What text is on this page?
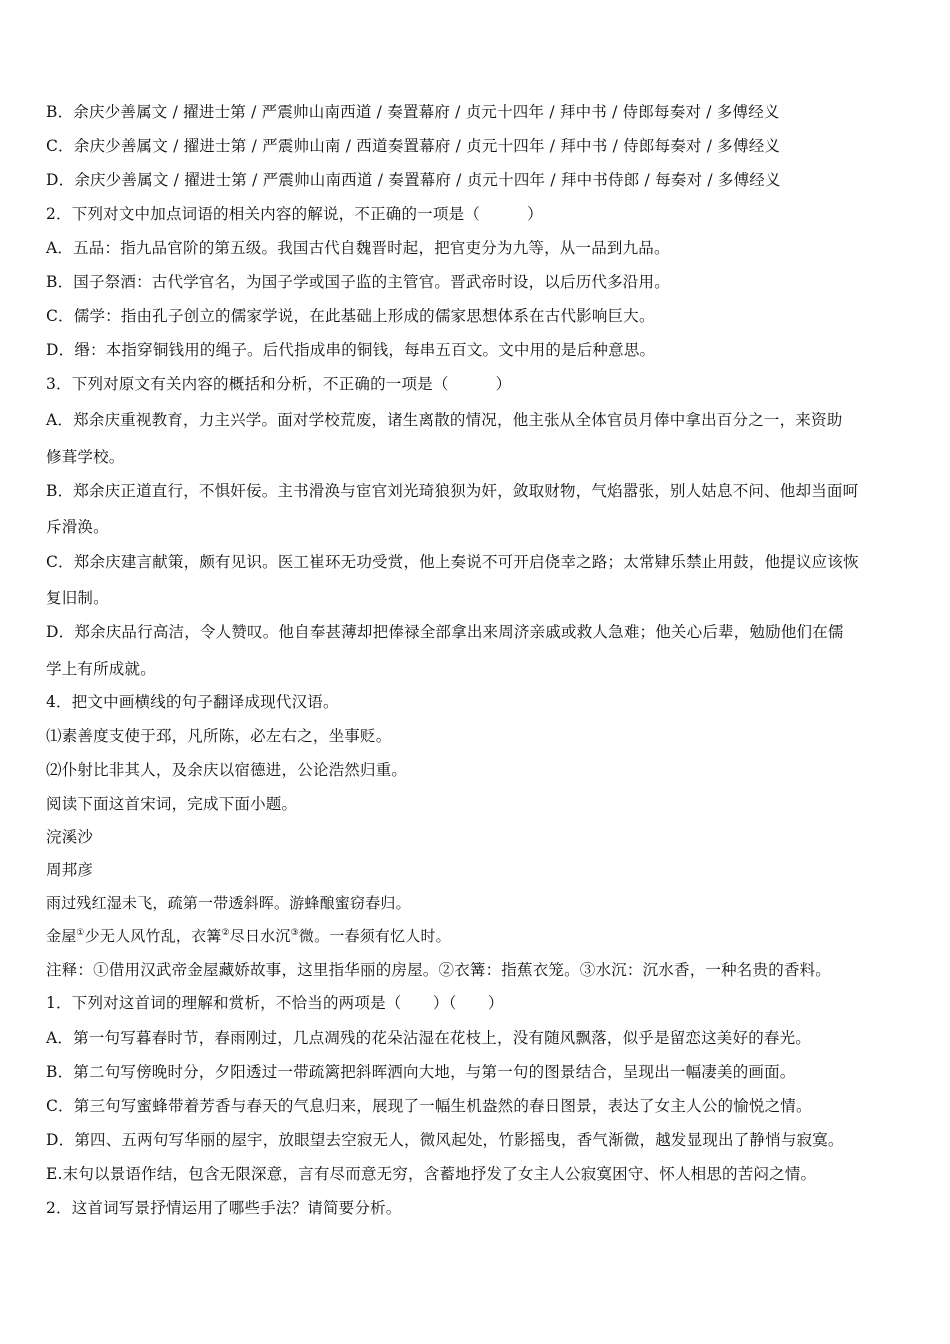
B．余庆少善属文 / 擢进士第 / 严震帅山南西道 / 奏置幕府 / 贞元十四年 / 拜中书 / 侍郎每奏对 / 多傅经义
C．余庆少善属文 / 擢进士第 / 严震帅山南 / 西道奏置幕府 / 贞元十四年 / 拜中书 / 侍郎每奏对 / 多傅经义
D．余庆少善属文 / 擢进士第 / 严震帅山南西道 / 奏置幕府 / 贞元十四年 / 拜中书侍郎 / 每奏对 / 多傅经义
2．下列对文中加点词语的相关内容的解说，不正确的一项是（　　　）
A．五品：指九品官阶的第五级。我国古代自魏晋时起，把官吏分为九等，从一品到九品。
B．国子祭酒：古代学官名，为国子学或国子监的主管官。晋武帝时设，以后历代多沿用。
C．儒学：指由孔子创立的儒家学说，在此基础上形成的儒家思想体系在古代影响巨大。
D．缗：本指穿铜钱用的绳子。后代指成串的铜钱，每串五百文。文中用的是后种意思。
3．下列对原文有关内容的概括和分析，不正确的一项是（　　　）
A．郑余庆重视教育，力主兴学。面对学校荒废，诸生离散的情况，他主张从全体官员月俸中拿出百分之一，来资助
修葺学校。
B．郑余庆正道直行，不惧奸佞。主书滑涣与宦官刘光琦狼狈为奸，敛取财物，气焰嚣张，别人姑息不问、他却当面呵
斥滑涣。
C．郑余庆建言献策，颇有见识。医工崔环无功受赏，他上奏说不可开启侥幸之路；太常肄乐禁止用鼓，他提议应该恢
复旧制。
D．郑余庆品行高洁，令人赞叹。他自奉甚薄却把俸禄全部拿出来周济亲戚或救人急难；他关心后辈，勉励他们在儒
学上有所成就。
4．把文中画横线的句子翻译成现代汉语。
⑴素善度支使于邳，凡所陈，必左右之，坐事贬。
⑵仆射比非其人，及余庆以宿德进，公论浩然归重。
阅读下面这首宋词，完成下面小题。
浣溪沙
周邦彦
雨过残红湿未飞，疏第一带透斜晖。游蜂酿蜜窃春归。
金屋①少无人风竹乱，衣篝②尽日水沉③微。一春须有忆人时。
注释：①借用汉武帝金屋藏娇故事，这里指华丽的房屋。②衣篝：指蕉衣笼。③水沉：沉水香，一种名贵的香料。
1．下列对这首词的理解和赏析，不恰当的两项是（　　）（　　）
A．第一句写暮春时节，春雨刚过，几点凋残的花朵沾湿在花枝上，没有随风飘落，似乎是留恋这美好的春光。
B．第二句写傍晚时分，夕阳透过一带疏篱把斜晖洒向大地，与第一句的图景结合，呈现出一幅凄美的画面。
C．第三句写蜜蜂带着芳香与春天的气息归来，展现了一幅生机盎然的春日图景，表达了女主人公的愉悦之情。
D．第四、五两句写华丽的屋宇，放眼望去空寂无人，微风起处，竹影摇曳，香气渐微，越发显现出了静悄与寂寞。
E.末句以景语作结，包含无限深意，言有尽而意无穷，含蓄地抒发了女主人公寂寞困守、怀人相思的苦闷之情。
2．这首词写景抒情运用了哪些手法？请简要分析。
